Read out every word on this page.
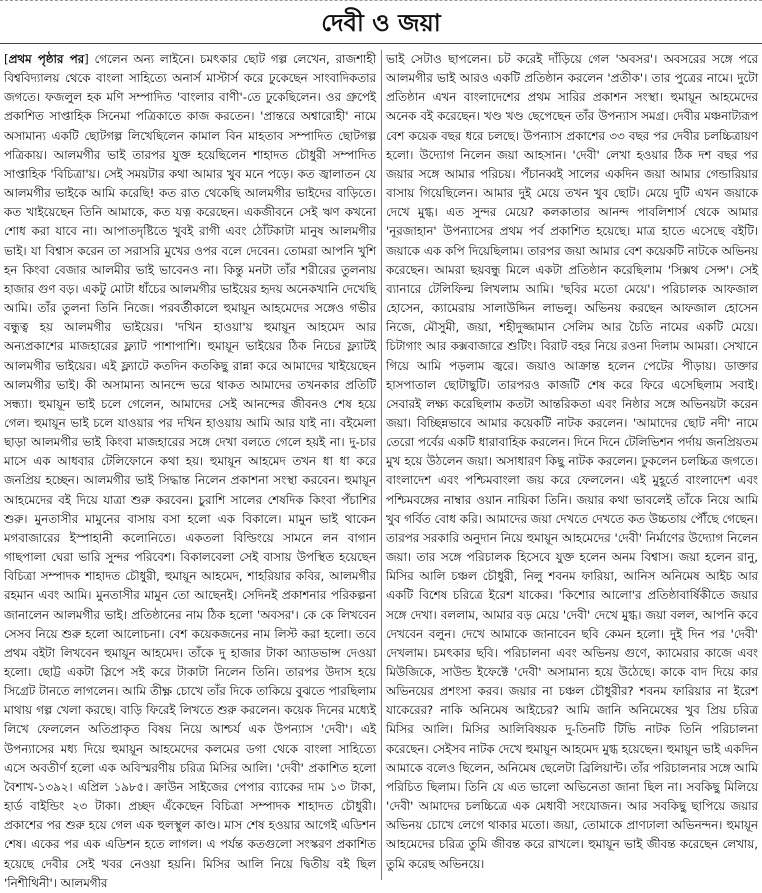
দেবী ও জয়া

[প্রথম পৃষ্ঠার পর] গেলেন অন্য লাইনে। চমৎকার ছোট গল্প লেখেন, রাজশাহী বিশ্ববিদ্যালয় থেকে বাংলা সাহিত্যে অনার্স মাস্টার্স করে ঢুকেছেন সাংবাদিকতার জগতে। ফজলুল হক মণি সম্পাদিত 'বাংলার বাণী'-তে ঢুকেছিলেন। ওর গ্রুপেই প্রকাশিত সাপ্তাহিক সিনেমা পত্রিকাতে কাজ করতেন। 'প্রান্তরে অশ্বারোহী' নামে অসামান্য একটি ছোটগল্প লিখেছিলেন কামাল বিন মাহতাব সম্পাদিত ছোটগল্প পত্রিকায়। আলমগীর ভাই তারপর যুক্ত হয়েছিলেন শাহাদত চৌধুরী সম্পাদিত সাপ্তাহিক 'বিচিত্রা'য়। সেই সময়টার কথা আমার খুব মনে পড়ে। কত জ্বালাতন যে আলমগীর ভাইকে আমি করেছি! কত রাত থেকেছি আলমগীর ভাইদের বাড়িতে। কত খাইয়েছেন তিনি আমাকে, কত যত্ন করেছেন। একজীবনে সেই ঋণ কখনো শোধ করা যাবে না। আপাতদৃষ্টিতে খুবই রাগী এবং ঠোঁটকাটা মানুষ আলমগীর ভাই। যা বিশ্বাস করেন তা সরাসরি মুখের ওপর বলে দেবেন। তোমরা আপনি খুশি হন কিংবা বেজার আলমীর ভাই ভাবেনও না। কিন্তু মনটা তাঁর শরীরের তুলনায় হাজার গুণ বড়। একটু মোটা ধাঁচের আলমগীর ভাইয়ের হৃদয় অনেকখানি দেখেছি আমি। তাঁর তুলনা তিনি নিজে। পরবর্তীকালে হুমায়ূন আহমেদের সঙ্গেও গভীর বন্ধুত্ব হয় আলমগীর ভাইয়ের। 'দখিন হাওয়া'য় হুমায়ূন আহমেদ আর অন্যপ্রকাশের মাজহারের ফ্ল্যাট পাশাপাশি। হুমায়ূন ভাইয়ের ঠিক নিচের ফ্ল্যাটই আলমগীর ভাইয়ের। এই ফ্ল্যাটে কতদিন কতকিছু রান্না করে আমাদের খাইয়েছেন আলমগীর ভাই। কী অসামান্য আনন্দে ভরে থাকত আমাদের তখনকার প্রতিটি সন্ধ্যা। হুমায়ূন ভাই চলে গেলেন, আমাদের সেই আনন্দের জীবনও শেষ হয়ে গেল। হুমায়ূন ভাই চলে যাওয়ার পর দখিন হাওয়ায় আমি আর যাই না। বইমেলা ছাড়া আলমগীর ভাই কিংবা মাজহারের সঙ্গে দেখা বলতে গেলে হয়ই না। দু-চার মাসে এক আধবার টেলিফোনে কথা হয়। হুমায়ূন আহমেদ তখন ধা ধা করে জনপ্রিয় হচ্ছেন। আলমগীর ভাই সিদ্ধান্ত নিলেন প্রকাশনা সংস্থা করবেন। হুমায়ূন আহমেদের বই দিয়ে যাত্রা শুরু করবেন। চুরাশি সালের শেষদিক কিংবা পঁচাশির শুরু। মুনতাসীর মামুনের বাসায় বসা হলো এক বিকালে। মামুন ভাই থাকেন মগবাজারের ইস্পাহানী কলোনিতে। একতলা বিল্ডিংয়ে সামনে লন বাগান গাছপালা ঘেরা ভারি সুন্দর পরিবেশ। বিকালবেলা সেই বাসায় উপস্থিত হয়েছেন বিচিত্রা সম্পাদক শাহাদত চৌধুরী, হুমায়ূন আহমেদ, শাহরিয়ার কবির, আলমগীর রহমান এবং আমি। মুনতাসীর মামুন তো আছেনই। সেদিনই প্রকাশনার পরিকল্পনা জানালেন আলমগীর ভাই। প্রতিষ্ঠানের নাম ঠিক হলো 'অবসর'। কে কে লিখবেন সেসব নিয়ে শুরু হলো আলোচনা। বেশ কয়েকজনের নাম লিস্ট করা হলো। তবে প্রথম বইটা লিখবেন হুমায়ূন আহমেদ। তাঁকে দু হাজার টাকা অ্যাডভান্স দেওয়া হলো। ছোট্ট একটা স্লিপে সই করে টাকাটা নিলেন তিনি। তারপর উদাস হয়ে সিগ্রেট টানতে লাগলেন। আমি তীক্ষ্ণ চোখে তাঁর দিকে তাকিয়ে বুঝতে পারছিলাম মাথায় গল্প খেলা করছে। বাড়ি ফিরেই লিখতে শুরু করলেন। কয়েক দিনের মধ্যেই লিখে ফেললেন অতিপ্রাকৃত বিষয় নিয়ে আশ্চর্য এক উপন্যাস 'দেবী'। এই উপন্যাসের মধ্য দিয়ে হুমায়ূন আহমেদের কলমের ডগা থেকে বাংলা সাহিত্যে এসে অবতীর্ণ হলো এক অবিস্মরণীয় চরিত্র মিসির আলি। 'দেবী' প্রকাশিত হলো বৈশাখ-১৩৯২। এপ্রিল ১৯৮৫। ক্রাউন সাইজের পেপার ব্যাকের দাম ১৩ টাকা, হার্ড বাইন্ডিং ২৩ টাকা। প্রচ্ছদ এঁকেছেন বিচিত্রা সম্পাদক শাহাদত চৌধুরী। প্রকাশের পর শুরু হয়ে গেল এক হুলস্থুল কাণ্ড। মাস শেষ হওয়ার আগেই এডিশন শেষ। একের পর এক এডিশন হতে লাগল। এ পর্যন্ত কতগুলো সংস্করণ প্রকাশিত হয়েছে দেবীর সেই খবর নেওয়া হয়নি। মিসির আলি নিয়ে দ্বিতীয় বই ছিল 'নিশীথিনী'। আলমগীর

ভাই সেটাও ছাপলেন। চট করেই দাঁড়িয়ে গেল 'অবসর'। অবসরের সঙ্গে পরে আলমগীর ভাই আরও একটি প্রতিষ্ঠান করলেন 'প্রতীক'। তার পুত্রের নামে। দুটো প্রতিষ্ঠান এখন বাংলাদেশের প্রথম সারির প্রকাশন সংস্থা। হুমায়ূন আহমেদের অনেক বই করেছেন। খণ্ড খণ্ড ছেপেছেন তাঁর উপন্যাস সমগ্র। দেবীর মঞ্চনাট্যরূপ বেশ কয়েক বছর ধরে চলছে। উপন্যাস প্রকাশের ৩৩ বছর পর দেবীর চলচ্চিত্রায়ণ হলো। উদ্যোগ নিলেন জয়া আহসান। 'দেবী' লেখা হওয়ার ঠিক দশ বছর পর জয়ার সঙ্গে আমার পরিচয়। পঁচানব্বই সালের একদিন জয়া আমার গেন্ডারিয়ার বাসায় গিয়েছিলেন। আমার দুই মেয়ে তখন খুব ছোট। মেয়ে দুটি এখন জয়াকে দেখে মুগ্ধ। এত সুন্দর মেয়ে? কলকাতার আনন্দ পাবলিশার্স থেকে আমার 'নূরজাহান' উপন্যাসের প্রথম পর্ব প্রকাশিত হয়েছে। মাত্র হাতে এসেছে বইটি। জয়াকে এক কপি দিয়েছিলাম। তারপর জয়া আমার বেশ কয়েকটি নাটকে অভিনয় করেছেন। আমরা ছয়বন্ধু মিলে একটা প্রতিষ্ঠান করেছিলাম 'সিক্সথ সেন্স'। সেই ব্যানারে টেলিফিল্ম লিখলাম আমি। 'ছবির মতো মেয়ে'। পরিচালক আফজাল হোসেন, ক্যামেরায় সালাউদ্দিন লাভলু। অভিনয় করছেন আফজাল হোসেন নিজে, মৌসুমী, জয়া, শহীদুজ্জামান সেলিম আর চৈতি নামের একটি মেয়ে। চিটাগাং আর কক্সবাজারে শুটিং। বিরাট বহর নিয়ে রওনা দিলাম আমরা। সেখানে গিয়ে আমি পড়লাম জ্বরে। জয়াও আক্রান্ত হলেন পেটের পীড়ায়। ডাক্তার হাসপাতাল ছোটাছুটি। তারপরও কাজটি শেষ করে ফিরে এসেছিলাম সবাই। সেবারই লক্ষ্য করেছিলাম কতটা আন্তরিকতা এবং নিষ্ঠার সঙ্গে অভিনয়টা করেন জয়া। বিচ্ছিন্নভাবে আমার কয়েকটি নাটক করলেন। 'আমাদের ছোট নদী' নামে তেরো পর্বের একটি ধারাবাহিক করলেন। দিনে দিনে টেলিভিশন পর্দায় জনপ্রিয়তম মুখ হয়ে উঠলেন জয়া। অসাধারণ কিছু নাটক করলেন। ঢুকলেন চলচ্চিত্র জগতে। বাংলাদেশ এবং পশ্চিমবাংলা জয় করে ফেললেন। এই মুহূর্তে বাংলাদেশ এবং পশ্চিমবঙ্গের নাম্বার ওয়ান নায়িকা তিনি। জয়ার কথা ভাবলেই তাঁকে নিয়ে আমি খুব গর্বিত বোধ করি। আমাদের জয়া দেখতে দেখতে কত উচ্চতায় পৌঁছে গেছেন। তারপর সরকারি অনুদান নিয়ে হুমায়ূন আহমেদের 'দেবী' নির্মাণের উদ্যোগ নিলেন জয়া। তার সঙ্গে পরিচালক হিসেবে যুক্ত হলেন অনম বিশ্বাস। জয়া হলেন রানু, মিসির আলি চঞ্চল চৌধুরী, নিলু শবনম ফারিয়া, আনিস অনিমেষ আইচ আর একটি বিশেষ চরিত্রে ইরেশ যাকের। 'কিশোর আলো'র প্রতিষ্ঠাবার্ষিকীতে জয়ার সঙ্গে দেখা। বললাম, আমার বড় মেয়ে 'দেবী' দেখে মুগ্ধ। জয়া বলল, আপনি কবে দেখবেন বলুন। দেখে আমাকে জানাবেন ছবি কেমন হলো। দুই দিন পর 'দেবী' দেখলাম। চমৎকার ছবি। পরিচালনা এবং অভিনয় গুণে, ক্যামেরার কাজে এবং মিউজিকে, সাউন্ড ইফেক্টে 'দেবী' অসামান্য হয়ে উঠেছে। কাকে বাদ দিয়ে কার অভিনয়ের প্রশংসা করব। জয়ার না চঞ্চল চৌধুরীর? শবনম ফারিয়ার না ইরেশ যাকেরের? নাকি অনিমেষ আইচের? আমি জানি অনিমেষের খুব প্রিয় চরিত্র মিসির আলি। মিসির আলিবিষয়ক দু-তিনটি টিভি নাটক তিনি পরিচালনা করেছেন। সেইসব নাটক দেখে হুমায়ূন আহমেদ মুগ্ধ হয়েছেন। হুমায়ূন ভাই একদিন আমাকে বলেও ছিলেন, অনিমেষ ছেলেটা ব্রিলিয়ান্ট। তাঁর পরিচালনার সঙ্গে আমি পরিচিত ছিলাম। তিনি যে এত ভালো অভিনেতা জানা ছিল না। সবকিছু মিলিয়ে 'দেবী' আমাদের চলচ্চিত্রে এক মেধাবী সংযোজন। আর সবকিছু ছাপিয়ে জয়ার অভিনয় চোখে লেগে থাকার মতো। জয়া, তোমাকে প্রাণঢালা অভিনন্দন। হুমায়ূন আহমেদের চরিত্র তুমি জীবন্ত করে রাখলে। হুমায়ূন ভাই জীবন্ত করেছেন লেখায়, তুমি করেছ অভিনয়ে।
